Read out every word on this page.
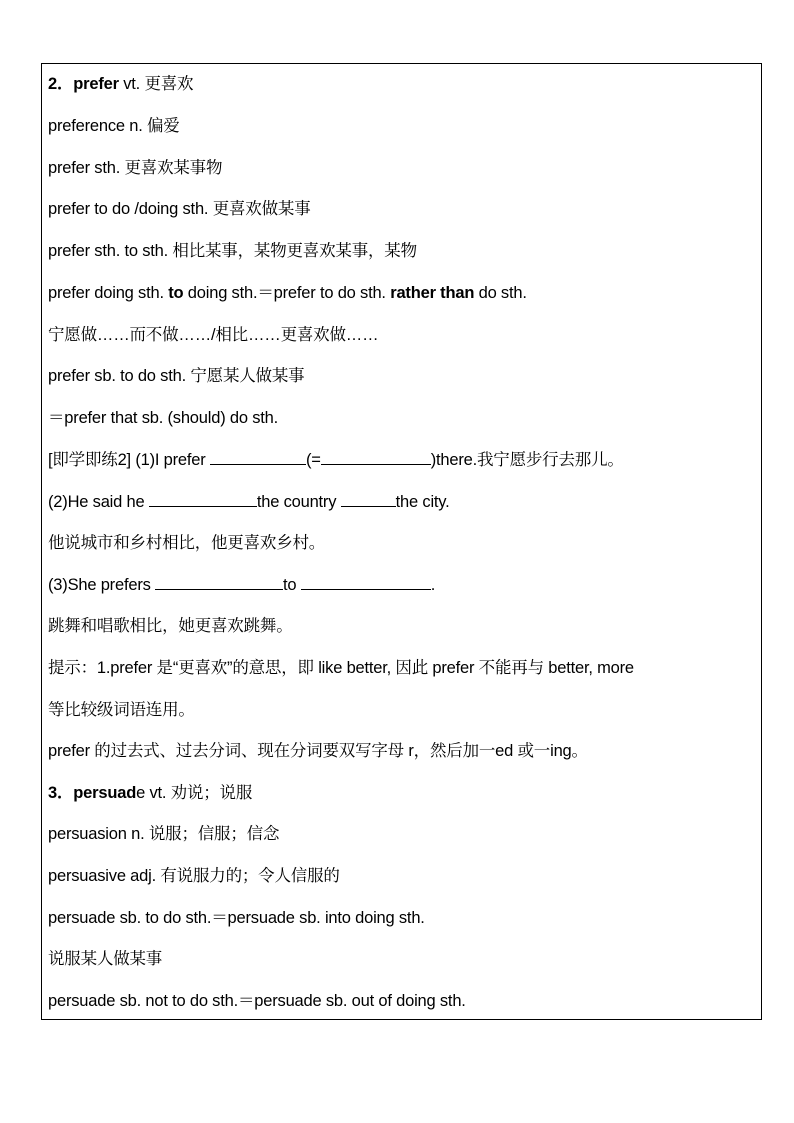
2．prefer vt. 更喜欢
preference n. 偏爱
prefer sth. 更喜欢某事物
prefer to do /doing sth. 更喜欢做某事
prefer sth. to sth. 相比某事，某物更喜欢某事，某物
prefer doing sth. to doing sth.＝prefer to do sth. rather than do sth.
宁愿做……而不做……/相比……更喜欢做……
prefer sb. to do sth. 宁愿某人做某事
＝prefer that sb. (should) do sth.
[即学即练2] (1)I prefer	(=	)there.我宁愿步行去那儿。
(2)He said he	the country	the city.
他说城市和乡村相比，他更喜欢乡村。
(3)She prefers	to	.
跳舞和唱歌相比，她更喜欢跳舞。
提示：1.prefer 是“更喜欢”的意思，即 like better, 因此 prefer 不能再与 better, more
等比较级词语连用。
prefer 的过去式、过去分词、现在分词要双写字母 r，然后加一ed 或一ing。
3．persuade vt. 劝说；说服
persuasion n. 说服；信服；信念
persuasive adj. 有说服力的；令人信服的
persuade sb. to do sth.＝persuade sb. into doing sth.
说服某人做某事
persuade sb. not to do sth.＝persuade sb. out of doing sth.
